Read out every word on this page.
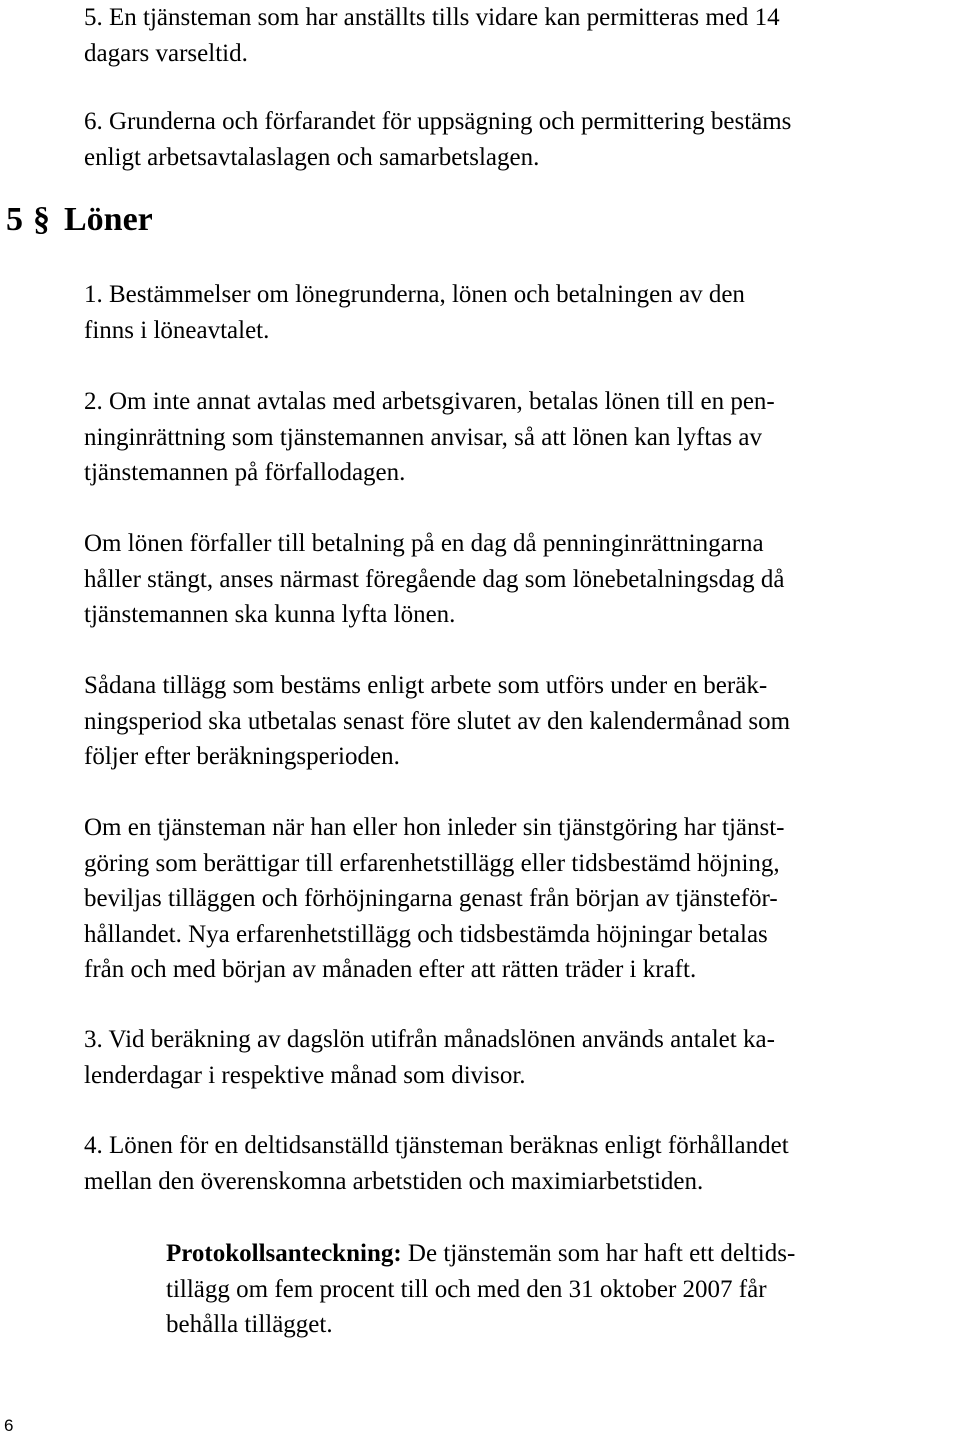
5. En tjänsteman som har anställts tills vidare kan permitteras med 14
dagars varseltid.
6. Grunderna och förfarandet för uppsägning och permittering bestäms
enligt arbetsavtalaslagen och samarbetslagen.
5 § Löner
1. Bestämmelser om lönegrunderna, lönen och betalningen av den
finns i löneavtalet.
2. Om inte annat avtalas med arbetsgivaren, betalas lönen till en pen-
ninginrättning som tjänstemannen anvisar, så att lönen kan lyftas av
tjänstemannen på förfallodagen.
Om lönen förfaller till betalning på en dag då penninginrättningarna
håller stängt, anses närmast föregående dag som lönebetalningsdag då
tjänstemannen ska kunna lyfta lönen.
Sådana tillägg som bestäms enligt arbete som utförs under en beräk-
ningsperiod ska utbetalas senast före slutet av den kalendermånad som
följer efter beräkningsperioden.
Om en tjänsteman när han eller hon inleder sin tjänstgöring har tjänst-
göring som berättigar till erfarenhetstillägg eller tidsbestämd höjning,
beviljas tilläggen och förhöjningarna genast från början av tjänsteför-
hållandet. Nya erfarenhetstillägg och tidsbestämda höjningar betalas
från och med början av månaden efter att rätten träder i kraft.
3. Vid beräkning av dagslön utifrån månadslönen används antalet ka-
lenderdagar i respektive månad som divisor.
4. Lönen för en deltidsanställd tjänsteman beräknas enligt förhållandet
mellan den överenskomna arbetstiden och maximiarbetstiden.
Protokollsanteckning: De tjänstemän som har haft ett deltids-
tillägg om fem procent till och med den 31 oktober 2007 får
behålla tillägget.
6
